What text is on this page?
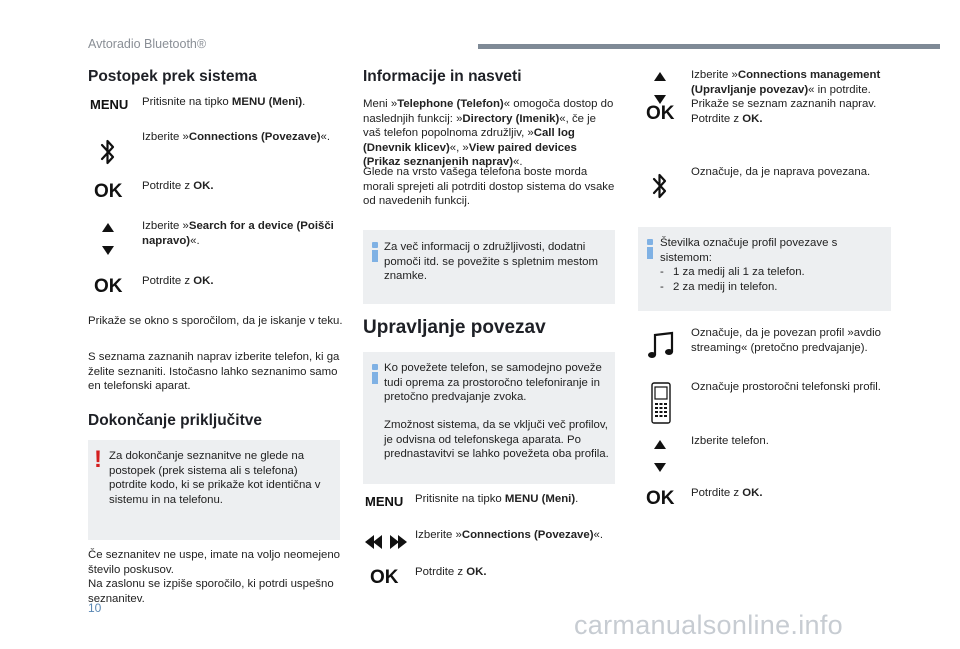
Avtoradio Bluetooth®
Postopek prek sistema
MENU Pritisnite na tipko MENU (Meni).
Izberite »Connections (Povezave)«.
OK Potrdite z OK.
Izberite »Search for a device (Poišči napravo)«.
OK Potrdite z OK.
Prikaže se okno s sporočilom, da je iskanje v teku.
S seznama zaznanih naprav izberite telefon, ki ga želite seznaniti. Istočasno lahko seznanimo samo en telefonski aparat.
Dokončanje priključitve
! Za dokončanje seznanitve ne glede na postopek (prek sistema ali s telefona) potrdite kodo, ki se prikaže kot identična v sistemu in na telefonu.
Če seznanitev ne uspe, imate na voljo neomejeno število poskusov.
Na zaslonu se izpiše sporočilo, ki potrdi uspešno seznanitev.
Informacije in nasveti
Meni »Telephone (Telefon)« omogoča dostop do naslednjih funkcij: »Directory (Imenik)«, če je vaš telefon popolnoma združljiv, »Call log (Dnevnik klicev)«, »View paired devices (Prikaz seznanjenih naprav)«.
Glede na vrsto vašega telefona boste morda morali sprejeti ali potrditi dostop sistema do vsake od navedenih funkcij.
Za več informacij o združljivosti, dodatni pomoči itd. se povežite s spletnim mestom znamke.
Upravljanje povezav
Ko povežete telefon, se samodejno poveže tudi oprema za prostoročno telefoniranje in pretočno predvajanje zvoka.
Zmožnost sistema, da se vključi več profilov, je odvisna od telefonskega aparata. Po prednastavitvi se lahko povežeta oba profila.
MENU Pritisnite na tipko MENU (Meni).
Izberite »Connections (Povezave)«.
OK Potrdite z OK.
Izberite »Connections management (Upravljanje povezav)« in potrdite. Prikaže se seznam zaznanih naprav.
Potrdite z OK.
OK
Označuje, da je naprava povezana.
Številka označuje profil povezave s sistemom:
- 1 za medij ali 1 za telefon.
- 2 za medij in telefon.
Označuje, da je povezan profil »avdio streaming« (pretočno predvajanje).
Označuje prostoročni telefonski profil.
Izberite telefon.
OK Potrdite z OK.
10
carmanualsonline.info
